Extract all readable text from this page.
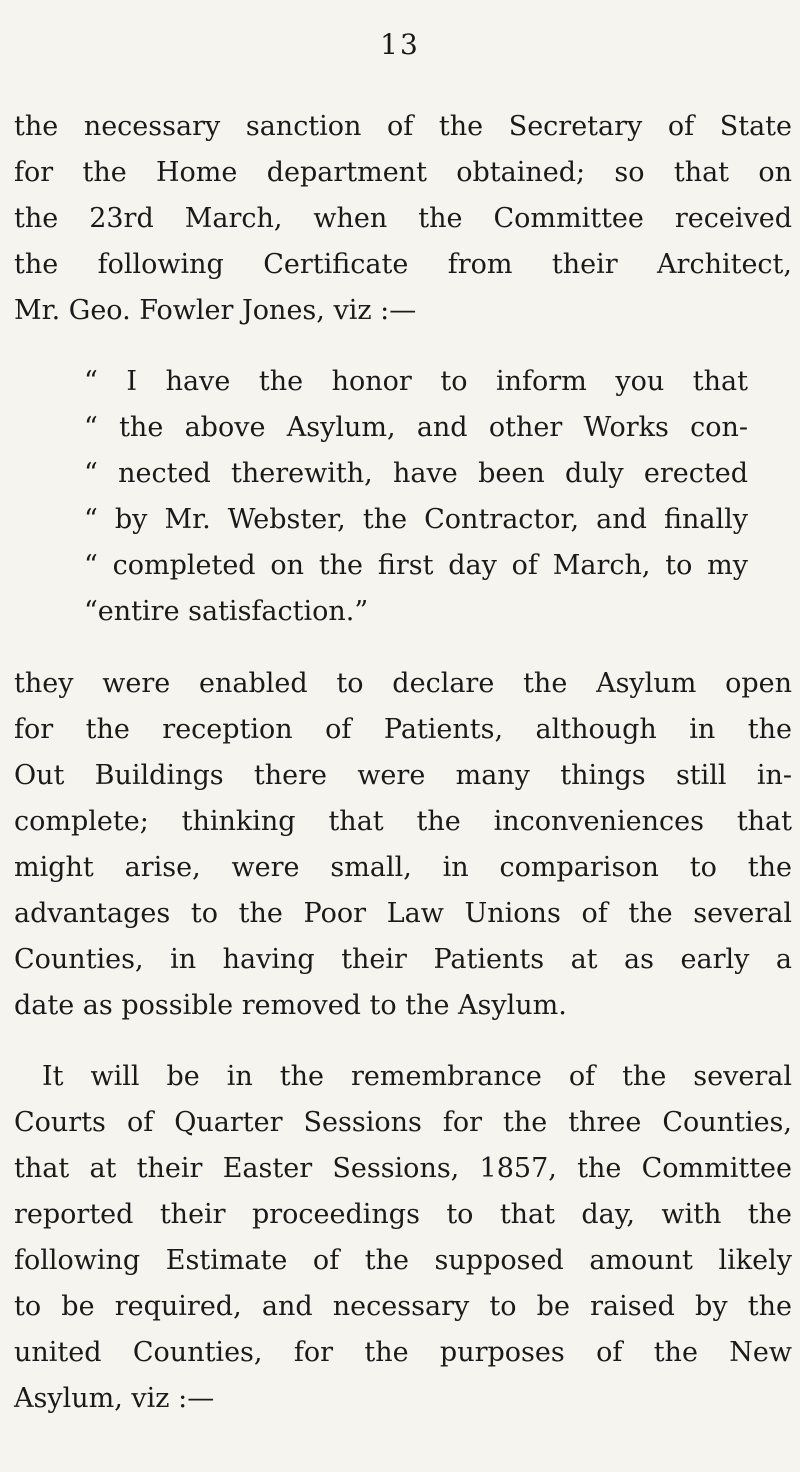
13
the necessary sanction of the Secretary of State
for the Home department obtained; so that on
the 23rd March, when the Committee received
the following Certificate from their Architect,
Mr. Geo. Fowler Jones, viz :—
“ I have the honor to inform you that
“ the above Asylum, and other Works con-
“ nected therewith, have been duly erected
“ by Mr. Webster, the Contractor, and finally
“ completed on the first day of March, to my
“entire satisfaction.”
they were enabled to declare the Asylum open
for the reception of Patients, although in the
Out Buildings there were many things still in-
complete; thinking that the inconveniences that
might arise, were small, in comparison to the
advantages to the Poor Law Unions of the several
Counties, in having their Patients at as early a
date as possible removed to the Asylum.
It will be in the remembrance of the several
Courts of Quarter Sessions for the three Counties,
that at their Easter Sessions, 1857, the Committee
reported their proceedings to that day, with the
following Estimate of the supposed amount likely
to be required, and necessary to be raised by the
united Counties, for the purposes of the New
Asylum, viz :—
